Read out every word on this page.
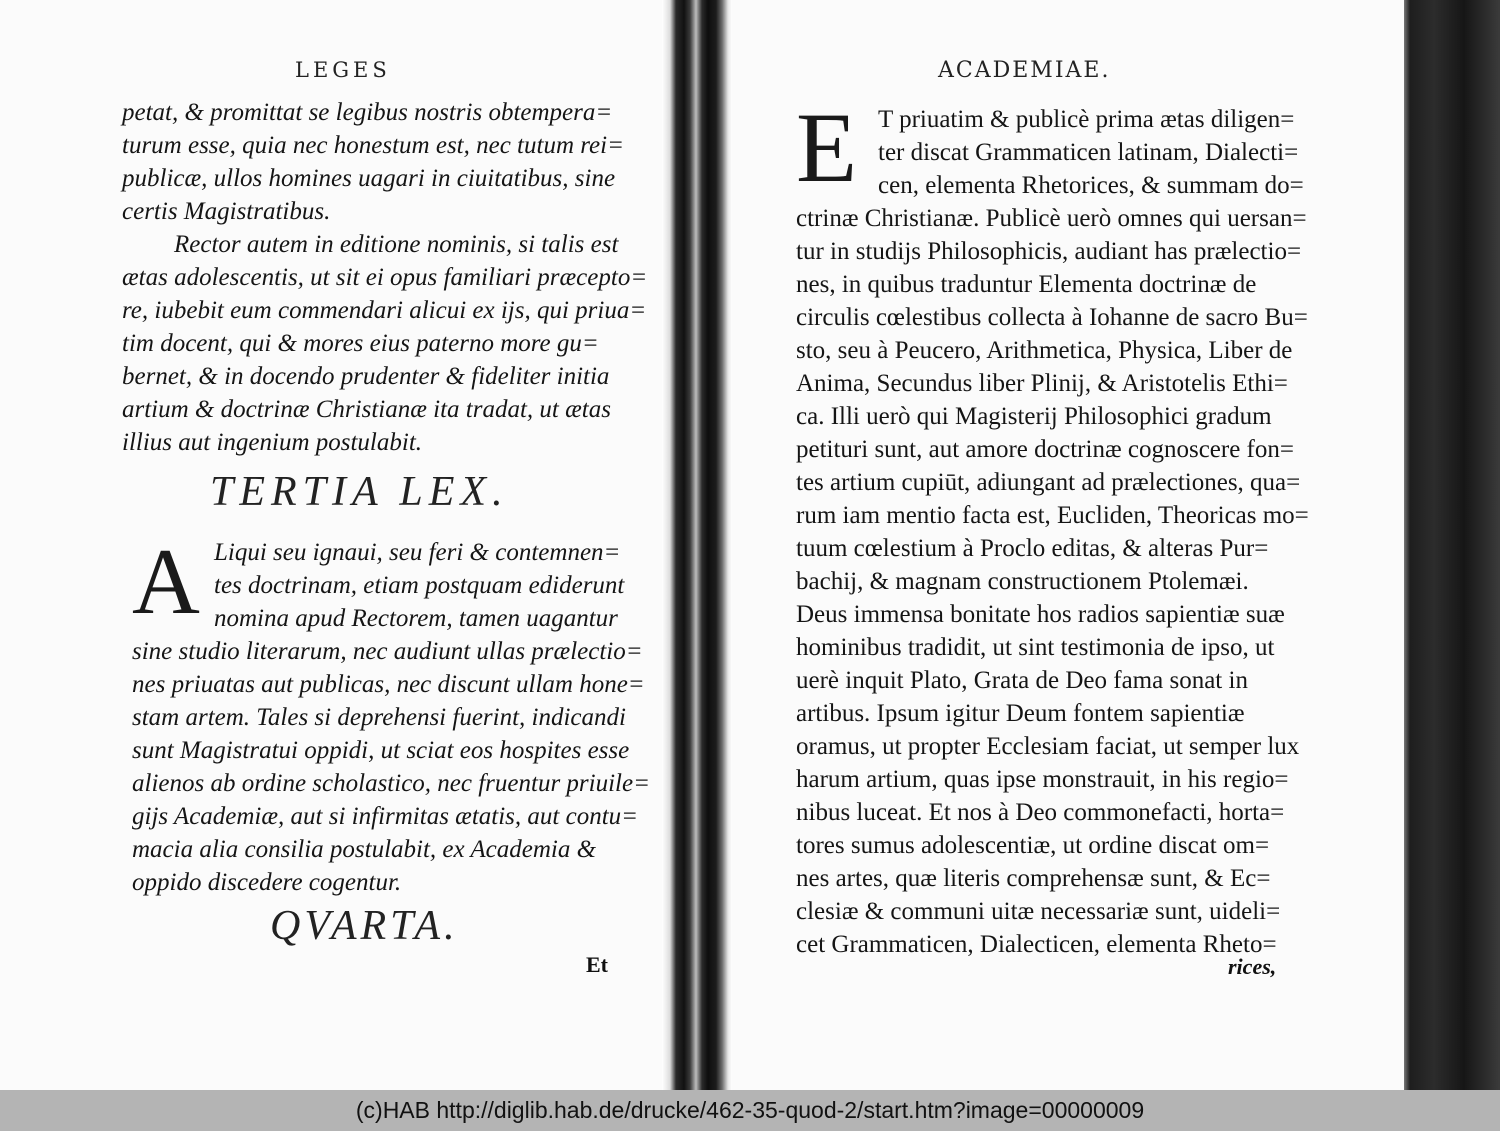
LEGES
petat, & promittat se legibus nostris obtempera=
turum esse, quia nec honestum est, nec tutum rei=
publicæ, ullos homines uagari in ciuitatibus, sine
certis Magistratibus.
Rector autem in editione nominis, si talis est
ætas adolescentis, ut sit ei opus familiari præcepto=
re, iubebit eum commendari alicui ex ijs, qui priua=
tim docent, qui & mores eius paterno more gu=
bernet, & in docendo prudenter & fideliter initia
artium & doctrinæ Christianæ ita tradat, ut ætas
illius aut ingenium postulabit.
TERTIA LEX.
A Liqui seu ignaui, seu feri & contemnen=
tes doctrinam, etiam postquam ediderunt
nomina apud Rectorem, tamen uagantur
sine studio literarum, nec audiunt ullas prælectio=
nes priuatas aut publicas, nec discunt ullam hone=
stam artem. Tales si deprehensi fuerint, indicandi
sunt Magistratui oppidi, ut sciat eos hospites esse
alienos ab ordine scholastico, nec fruentur priuile=
gijs Academiæ, aut si infirmitas ætatis, aut contu=
macia alia consilia postulabit, ex Academia &
oppido discedere cogentur.
QVARTA.
Et
ACADEMIAE.
E T priuatim & publicè prima ætas diligen=
ter discat Grammaticen latinam, Dialecti=
cen, elementa Rhetorices, & summam do=
ctrinæ Christianæ. Publicè uerò omnes qui uersan=
tur in studijs Philosophicis, audiant has prælectio=
nes, in quibus traduntur Elementa doctrinæ de
circulis cœlestibus collecta à Iohanne de sacro Bu=
sto, seu à Peucero, Arithmetica, Physica, Liber de
Anima, Secundus liber Plinij, & Aristotelis Ethi=
ca. Illi uerò qui Magisterij Philosophici gradum
petituri sunt, aut amore doctrinæ cognoscere fon=
tes artium cupiūt, adiungant ad prælectiones, qua=
rum iam mentio facta est, Eucliden, Theoricas mo=
tuum cœlestium à Proclo editas, & alteras Pur=
bachij, & magnam constructionem Ptolemæi.
Deus immensa bonitate hos radios sapientiæ suæ
hominibus tradidit, ut sint testimonia de ipso, ut
uerè inquit Plato, Grata de Deo fama sonat in
artibus. Ipsum igitur Deum fontem sapientiæ
oramus, ut propter Ecclesiam faciat, ut semper lux
harum artium, quas ipse monstrauit, in his regio=
nibus luceat. Et nos à Deo commonefacti, horta=
tores sumus adolescentiæ, ut ordine discat om=
nes artes, quæ literis comprehensæ sunt, & Ec=
clesiæ & communi uitæ necessariæ sunt, uideli=
cet Grammaticen, Dialecticen, elementa Rheto=
rices,
(c)HAB http://diglib.hab.de/drucke/462-35-quod-2/start.htm?image=00000009
